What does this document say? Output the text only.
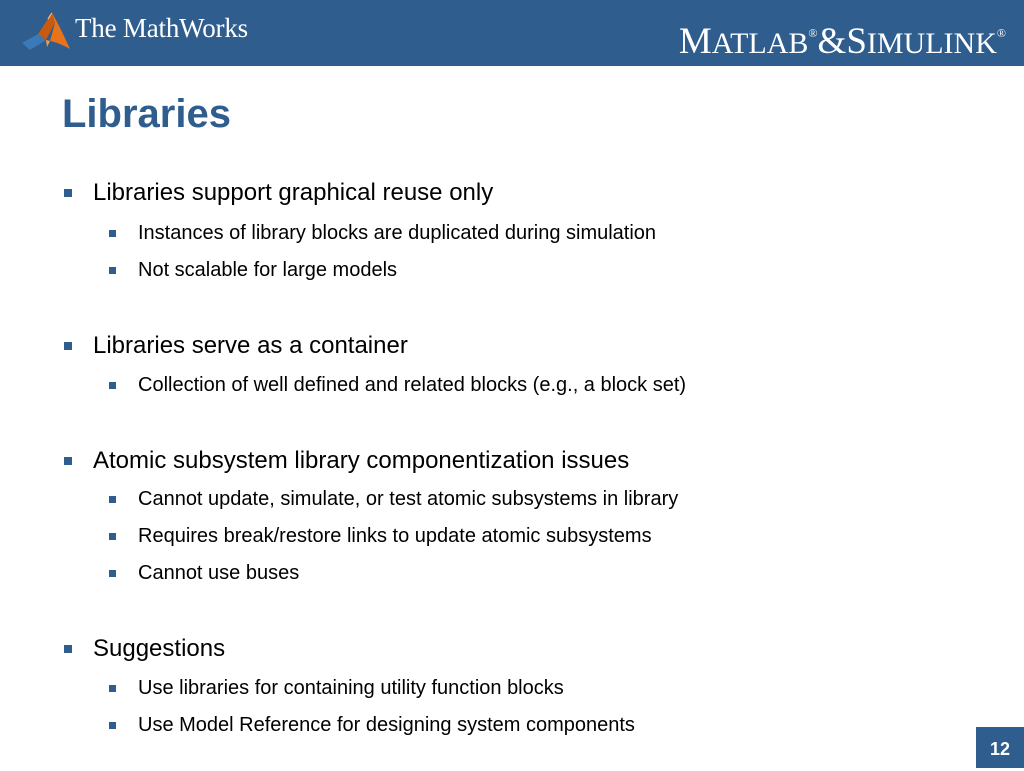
The MathWorks	MATLAB®&SIMULINK®
Libraries
Libraries support graphical reuse only
Instances of library blocks are duplicated during simulation
Not scalable for large models
Libraries serve as a container
Collection of well defined and related blocks (e.g., a block set)
Atomic subsystem library componentization issues
Cannot update, simulate, or test atomic subsystems in library
Requires break/restore links to update atomic subsystems
Cannot use buses
Suggestions
Use libraries for containing utility function blocks
Use Model Reference for designing system components
12
